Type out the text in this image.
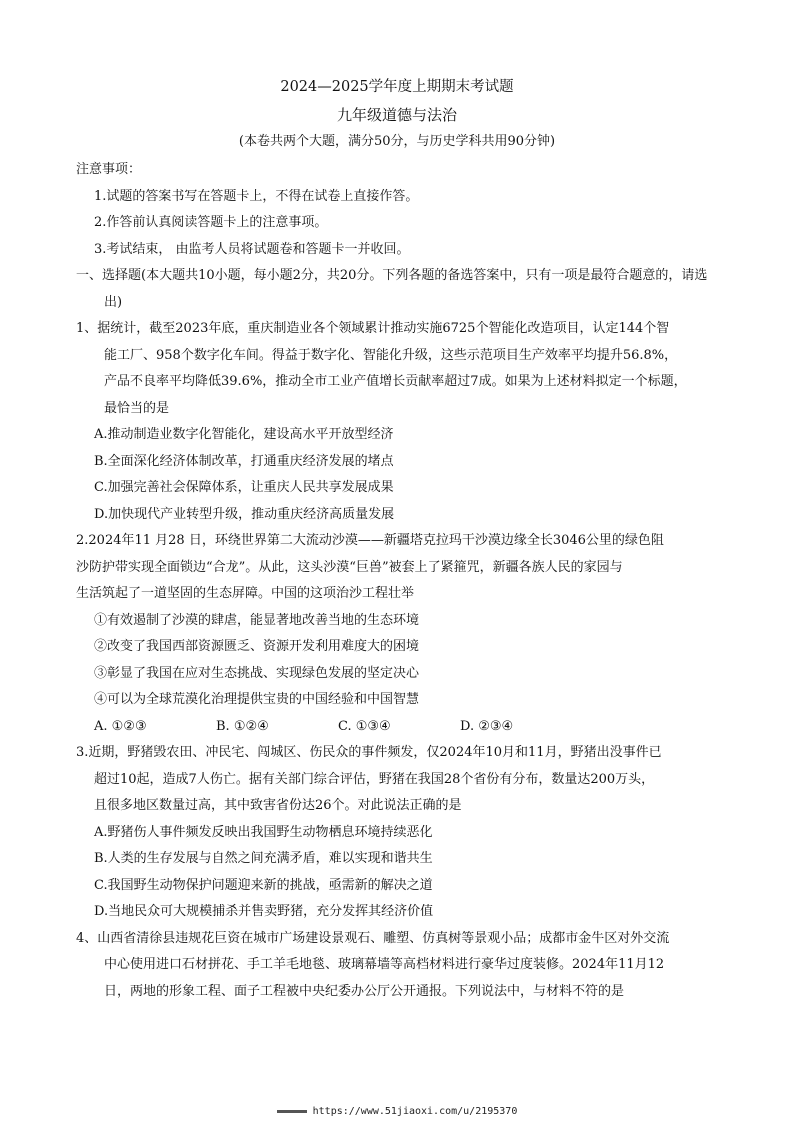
2024—2025学年度上期期末考试题
九年级道德与法治
(本卷共两个大题，满分50分，与历史学科共用90分钟)
注意事项：
1.试题的答案书写在答题卡上，不得在试卷上直接作答。
2.作答前认真阅读答题卡上的注意事项。
3.考试结束， 由监考人员将试题卷和答题卡一并收回。
一、选择题(本大题共10小题，每小题2分，共20分。下列各题的备选答案中，只有一项是最符合题意的，请选出)
1、据统计，截至2023年底，重庆制造业各个领域累计推动实施6725个智能化改造项目，认定144个智
能工厂、958个数字化车间。得益于数字化、智能化升级，这些示范项目生产效率平均提升56.8%，
产品不良率平均降低39.6%，推动全市工业产值增长贡献率超过7成。如果为上述材料拟定一个标题，
最恰当的是
A.推动制造业数字化智能化，建设高水平开放型经济
B.全面深化经济体制改革，打通重庆经济发展的堵点
C.加强完善社会保障体系，让重庆人民共享发展成果
D.加快现代产业转型升级，推动重庆经济高质量发展
2.2024年11 月28 日，环绕世界第二大流动沙漠——新疆塔克拉玛干沙漠边缘全长3046公里的绿色阻
沙防护带实现全面锁边“合龙”。从此，这头沙漠“巨兽”被套上了紧箍咒，新疆各族人民的家园与
生活筑起了一道坚固的生态屏障。中国的这项治沙工程壮举
①有效遏制了沙漠的肆虐，能显著地改善当地的生态环境
②改变了我国西部资源匮乏、资源开发利用难度大的困境
③彰显了我国在应对生态挑战、实现绿色发展的坚定决心
④可以为全球荒漠化治理提供宝贵的中国经验和中国智慧
A. ①②③	B. ①②④	C. ①③④	D. ②③④
3.近期，野猪毁农田、冲民宅、闯城区、伤民众的事件频发，仅2024年10月和11月，野猪出没事件已
超过10起，造成7人伤亡。据有关部门综合评估，野猪在我国28个省份有分布，数量达200万头，
且很多地区数量过高，其中致害省份达26个。对此说法正确的是
A.野猪伤人事件频发反映出我国野生动物栖息环境持续恶化
B.人类的生存发展与自然之间充满矛盾，难以实现和谐共生
C.我国野生动物保护问题迎来新的挑战，亟需新的解决之道
D.当地民众可大规模捕杀并售卖野猪，充分发挥其经济价值
4、山西省清徐县违规花巨资在城市广场建设景观石、雕塑、仿真树等景观小品；成都市金牛区对外交流
中心使用进口石材拼花、手工羊毛地毯、玻璃幕墙等高档材料进行豪华过度装修。2024年11月12
日，两地的形象工程、面子工程被中央纪委办公厅公开通报。下列说法中，与材料不符的是
https://www.51jiaoxi.com/u/2195370
